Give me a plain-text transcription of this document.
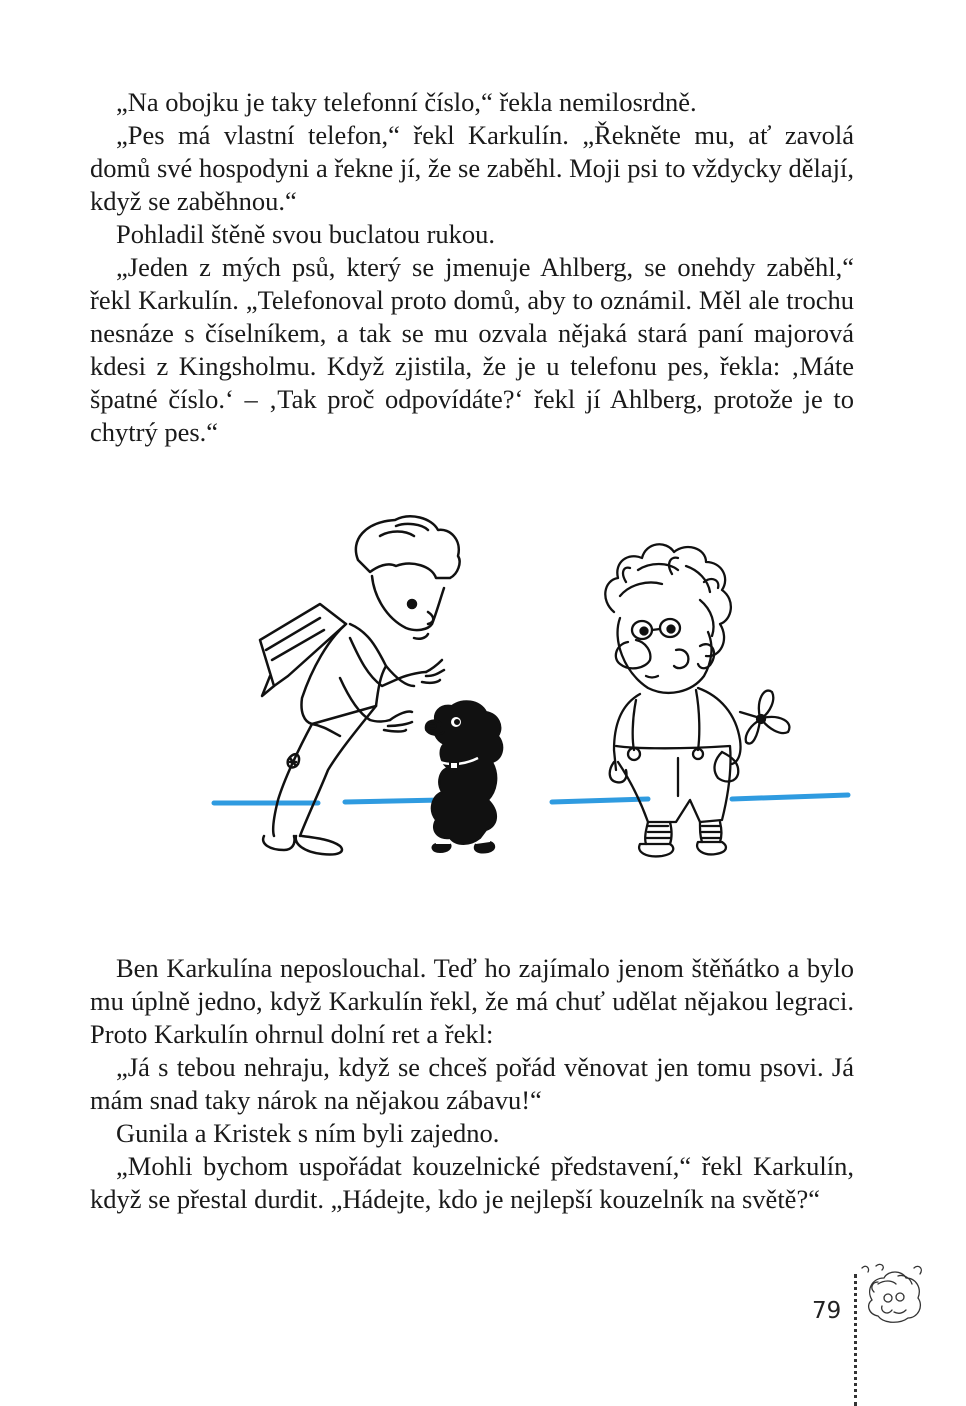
„Na obojku je taky telefonní číslo,“ řekla nemilosrdně.

„Pes má vlastní telefon,“ řekl Karkulín. „Řekněte mu, ať zavolá domů své hospodyni a řekne jí, že se zaběhl. Moji psi to vždycky dělají, když se zaběhnou.“

Pohladil štěně svou buclatou rukou.

„Jeden z mých psů, který se jmenuje Ahlberg, se onehdy zaběhl,“ řekl Karkulín. „Telefonoval proto domů, aby to oznámil. Měl ale trochu nesnáze s číselníkem, a tak se mu ozvala nějaká stará paní majorová kdesi z Kingsholmu. Když zjistila, že je u telefonu pes, řekla: ‚Máte špatné číslo.‘ – ‚Tak proč odpovídáte?‘ řekl jí Ahlberg, protože je to chytrý pes.“

Ben Karkulína neposlouchal. Teď ho zajímalo jenom štěňátko a bylo mu úplně jedno, když Karkulín řekl, že má chuť udělat nějakou legraci. Proto Karkulín ohrnul dolní ret a řekl:

„Já s tebou nehraju, když se chceš pořád věnovat jen tomu psovi. Já mám snad taky nárok na nějakou zábavu!“

Gunila a Kristek s ním byli zajedno.

„Mohli bychom uspořádat kouzelnické představení,“ řekl Karkulín, když se přestal durdit. „Hádejte, kdo je nejlepší kouzelník na světě?“

79
